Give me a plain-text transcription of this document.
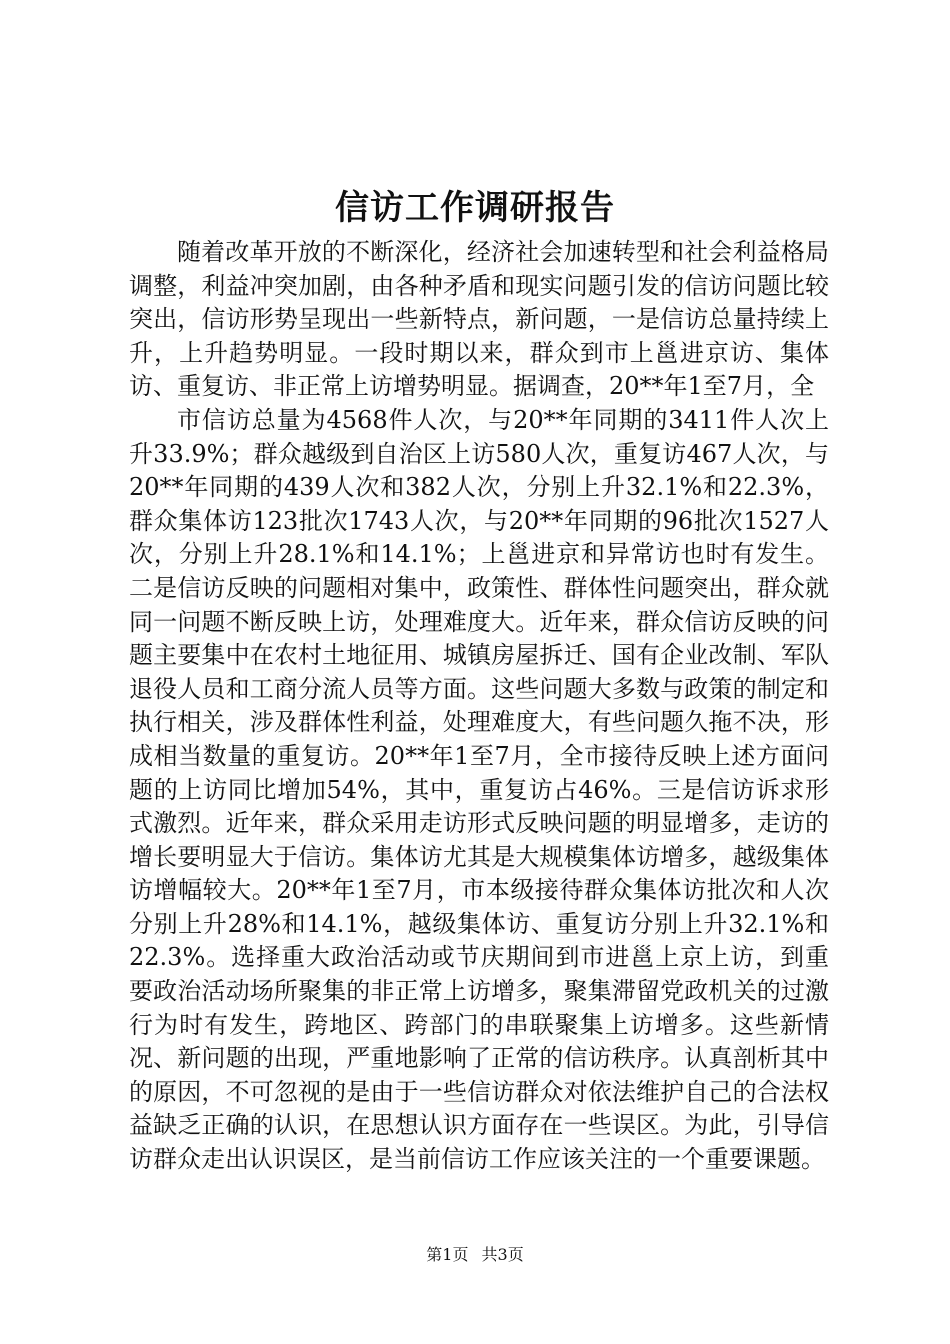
信访工作调研报告

随着改革开放的不断深化，经济社会加速转型和社会利益格局调整，利益冲突加剧，由各种矛盾和现实问题引发的信访问题比较突出，信访形势呈现出一些新特点，新问题，一是信访总量持续上升，上升趋势明显。一段时期以来，群众到市上邕进京访、集体访、重复访、非正常上访增势明显。据调查，20**年1至7月，全

市信访总量为4568件人次，与20**年同期的3411件人次上升33.9%；群众越级到自治区上访580人次，重复访467人次，与20**年同期的439人次和382人次，分别上升32.1%和22.3%，群众集体访123批次1743人次，与20**年同期的96批次1527人次，分别上升28.1%和14.1%；上邕进京和异常访也时有发生。二是信访反映的问题相对集中，政策性、群体性问题突出，群众就同一问题不断反映上访，处理难度大。近年来，群众信访反映的问题主要集中在农村土地征用、城镇房屋拆迁、国有企业改制、军队退役人员和工商分流人员等方面。这些问题大多数与政策的制定和执行相关，涉及群体性利益，处理难度大，有些问题久拖不决，形成相当数量的重复访。20**年1至7月，全市接待反映上述方面问题的上访同比增加54%，其中，重复访占46%。三是信访诉求形式激烈。近年来，群众采用走访形式反映问题的明显增多，走访的增长要明显大于信访。集体访尤其是大规模集体访增多，越级集体访增幅较大。20**年1至7月，市本级接待群众集体访批次和人次分别上升28%和14.1%，越级集体访、重复访分别上升32.1%和22.3%。选择重大政治活动或节庆期间到市进邕上京上访，到重要政治活动场所聚集的非正常上访增多，聚集滞留党政机关的过激行为时有发生，跨地区、跨部门的串联聚集上访增多。这些新情况、新问题的出现，严重地影响了正常的信访秩序。认真剖析其中的原因，不可忽视的是由于一些信访群众对依法维护自己的合法权益缺乏正确的认识，在思想认识方面存在一些误区。为此，引导信访群众走出认识误区，是当前信访工作应该关注的一个重要课题。

第1页 共3页
